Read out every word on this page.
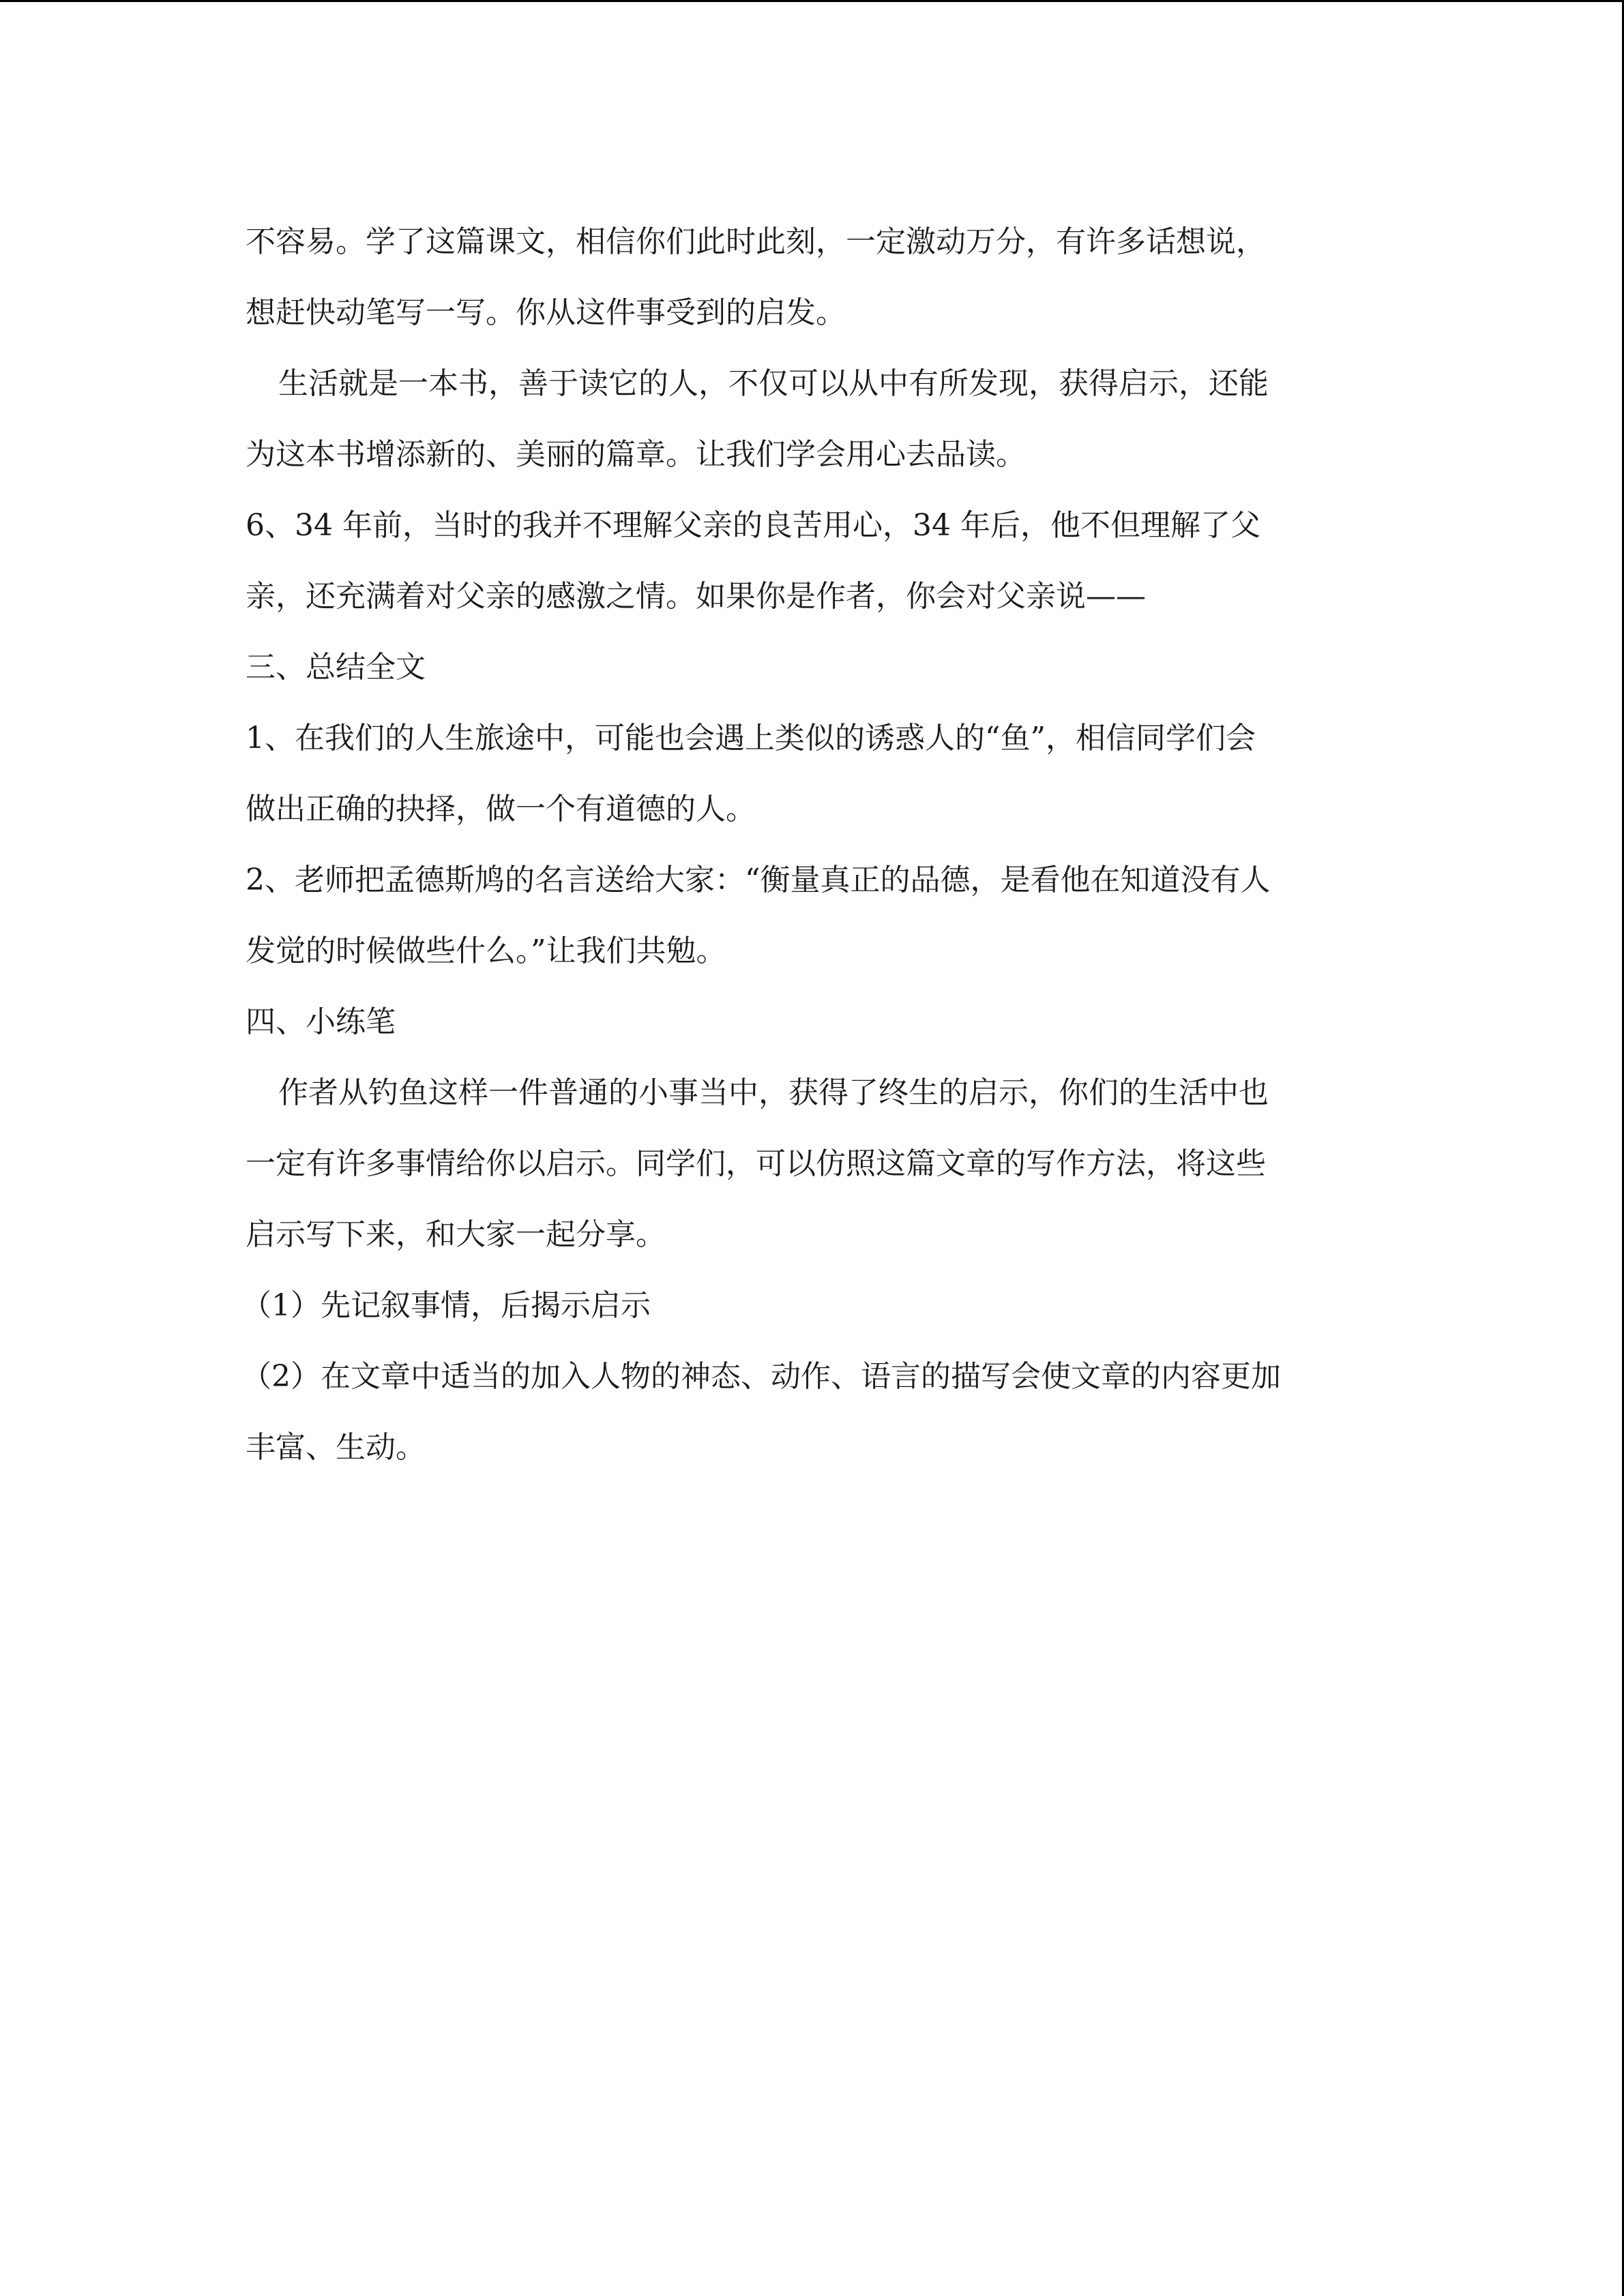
不容易。学了这篇课文，相信你们此时此刻，一定激动万分，有许多话想说，
想赶快动笔写一写。你从这件事受到的启发。
生活就是一本书，善于读它的人，不仅可以从中有所发现，获得启示，还能
为这本书增添新的、美丽的篇章。让我们学会用心去品读。
6、34 年前，当时的我并不理解父亲的良苦用心，34 年后，他不但理解了父
亲，还充满着对父亲的感激之情。如果你是作者，你会对父亲说——
三、总结全文
1、在我们的人生旅途中，可能也会遇上类似的诱惑人的“鱼”，相信同学们会
做出正确的抉择，做一个有道德的人。
2、老师把孟德斯鸠的名言送给大家：“衡量真正的品德，是看他在知道没有人
发觉的时候做些什么。”让我们共勉。
四、小练笔
作者从钓鱼这样一件普通的小事当中，获得了终生的启示，你们的生活中也
一定有许多事情给你以启示。同学们，可以仿照这篇文章的写作方法，将这些
启示写下来，和大家一起分享。
（1）先记叙事情，后揭示启示
（2）在文章中适当的加入人物的神态、动作、语言的描写会使文章的内容更加
丰富、生动。
